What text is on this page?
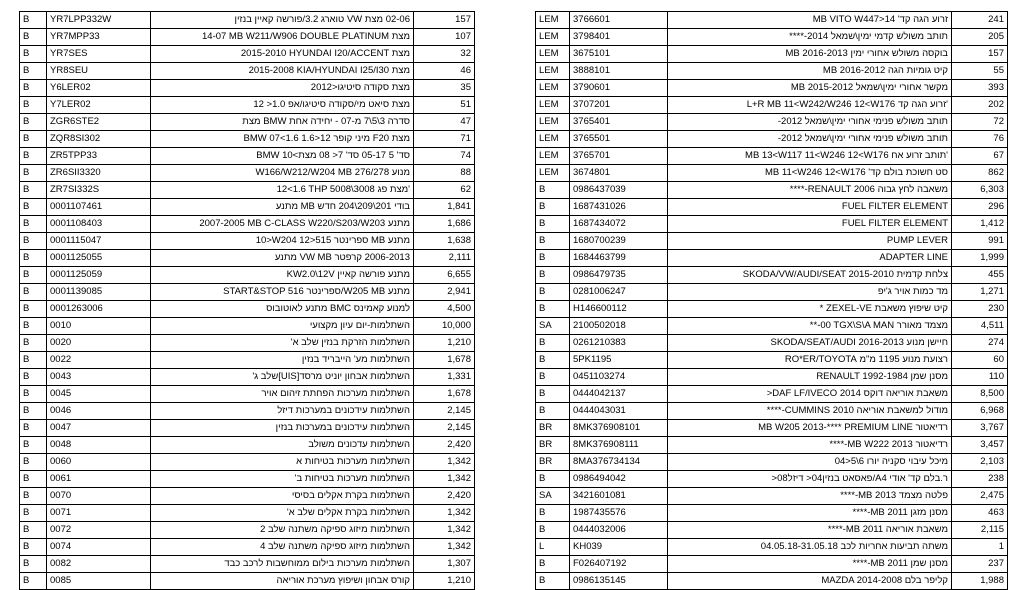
B	YR7LPP332W	02-06 מצת VW טוארג 3.2/פורשה קאיין בנזין	157
B	YR7MPP33	14-07 MB W211/W906 DOUBLE PLATINUM מצת	107
B	YR7SES	2015-2010 HYUNDAI I20/ACCENT מצת	32
B	YR8SEU	2015-2008 KIA/HYUNDAI I25/I30 מצת	46
B	Y6LER02	מצת סקודה סיטיגו<2012	35
B	Y7LER02	מצת סיאט מי/סקודה סיטיגו/אפ 1.0< 12	51
B	ZGR6STE2	סדרה 3\5\7 מ-07 - יחידה אחת BMW מצת	47
B	ZQR8SI302	BMW 07<1.6 1.6>12 מיני קופר F20 מצת	71
B	ZR5TPP33	BMW 10<סד' 5 05-17 סד' 7< 08 מצת	74
B	ZR6SII3320	W166/W212/W204 MB מנוע 276/278	88
B	ZR7SI332S	12<1.6 THP 5008\3008 מצת פג'	62
B	0001107461	בודי 201\209\204 חדש MB מתנע	1,841
B	0001108403	2007-2005 MB C-CLASS W220/S203/W203 מתנע	1,686
B	0001115047	10>W204 12>515 ספרינטר MB מתנע	1,638
B	0001125055	2006-2013 קרפטר VW MB מתנע	2,111
B	0001125059	KW2.0\12V מתנע פורשה קאיין	6,655
B	0001139085	START&STOP 516 ספרינטר/W205 MB מתנע	2,941
B	0001263006	למנוע קאמינס BMC מתנע לאוטובוס	4,500
B	0010	השתלמות-יום עיון מקצועי	10,000
B	0020	השתלמות הזרקת בנזין שלב א'	1,210
B	0022	השתלמות מע' הייבריד בנזין	1,678
B	0043	השתלמות אבחון יוניט מרסד[UIS]שלב ג'	1,331
B	0045	השתלמות מערכות הפחתת זיהום אויר	1,678
B	0046	השתלמות עידכונים במערכות דיזל	2,145
B	0047	השתלמות עידכונים במערכות בנזין	2,145
B	0048	השתלמות עדכונים משולב	2,420
B	0060	השתלמות מערכות בטיחות א	1,342
B	0061	השתלמות מערכות בטיחות ב'	1,342
B	0070	השתלמות בקרת אקלים בסיסי	2,420
B	0071	השתלמות בקרת אקלים שלב א'	1,342
B	0072	השתלמות מיזוג ספיקה משתנה שלב 2	1,342
B	0074	השתלמות מיזוג ספיקה משתנה שלב 4	1,342
B	0082	השתלמות מערכות בילום ממוחשבות לרכב כבד	1,307
B	0085	קורס אבחון ושיפוץ מערכת אוריאה	1,210
LEM	3766601	זרוע הגה קד' 14<MB VITO W447	241
LEM	3798401	תותב משולש קדמי ימין\שמאל 2014-****	205
LEM	3675101	בוקסה משולש אחורי ימין MB 2016-2013	157
LEM	3888101	קיט גומיות הגה MB 2016-2012	55
LEM	3790601	מקשר אחורי ימין\שמאל MB 2015-2012	393
LEM	3707201	L+R MB 11<W242/W246 12<W176 זרוע הגה קד'	202
LEM	3765401	תותב משולש פנימי אחורי ימין\שמאל 2012-	72
LEM	3765501	תותב משולש פנימי אחורי ימין\שמאל 2012-	76
LEM	3765701	MB 13<W117 11<W246 12<W176 תותב זרוע אח'	67
LEM	3674801	סט חשוכת בולם קד' MB 11<W246 12<W176	862
B	0986437039	משאבה לחץ גבוה RENAULT 2006-****	6,303
B	1687431026	FUEL FILTER ELEMENT	296
B	1687434072	FUEL FILTER ELEMENT	1,412
B	1680700239	PUMP LEVER	991
B	1684463799	ADAPTER LINE	1,999
B	0986479735	צלחת קדמית SKODA/VW/AUDI/SEAT 2015-2010	455
B	0281006247	מד כמות אויר ג'יפ	1,271
B	H146600112	קיט שיפוץ משאבת ZEXEL-VE *	230
SA	2100502018	**-00 TGX\S\A MAN מצמד מאורר	4,511
B	0261210383	חיישן מנוע SKODA/SEAT/AUDI 2016-2013	274
B	5PK1195	רצועת מנוע 1195 מ"מ RO*ER/TOYOTA	60
B	0451103274	מסנן שמן RENAULT 1992-1984	110
B	0444042137	משאבת אוריאה דוקס 2014 DAF LF/IVECO<	8,500
B	0444043031	מודול למשאבת אוריאה CUMMINS 2010-****	6,968
BR	8MK376908101	רדיאטור MB W205 2013-**** PREMIUM LINE	3,767
BR	8MK376908111	רדיאטור MB W222 2013-****	3,457
BR	8MA376734134	מיכל עיבוי סקניה יורו 6\5<04	2,103
B	0986494042	ר.בלם קד' אודי A4/פאסאט בנזין04< דיזל08<	238
SA	3421601081	פלטה מצמד MB 2013-****	2,475
B	1987435576	מסנן מזגן MB 2011-****	463
B	0444032006	משאבת אוריאה MB 2011-****	2,115
L	KH039	משתה תביעות אחריות לכב 04.05.18-31.05.18	1
B	F026407192	מסנן שמן MB 2011-****	237
B	0986135145	קליפר בלם MAZDA 2014-2008	1,988
